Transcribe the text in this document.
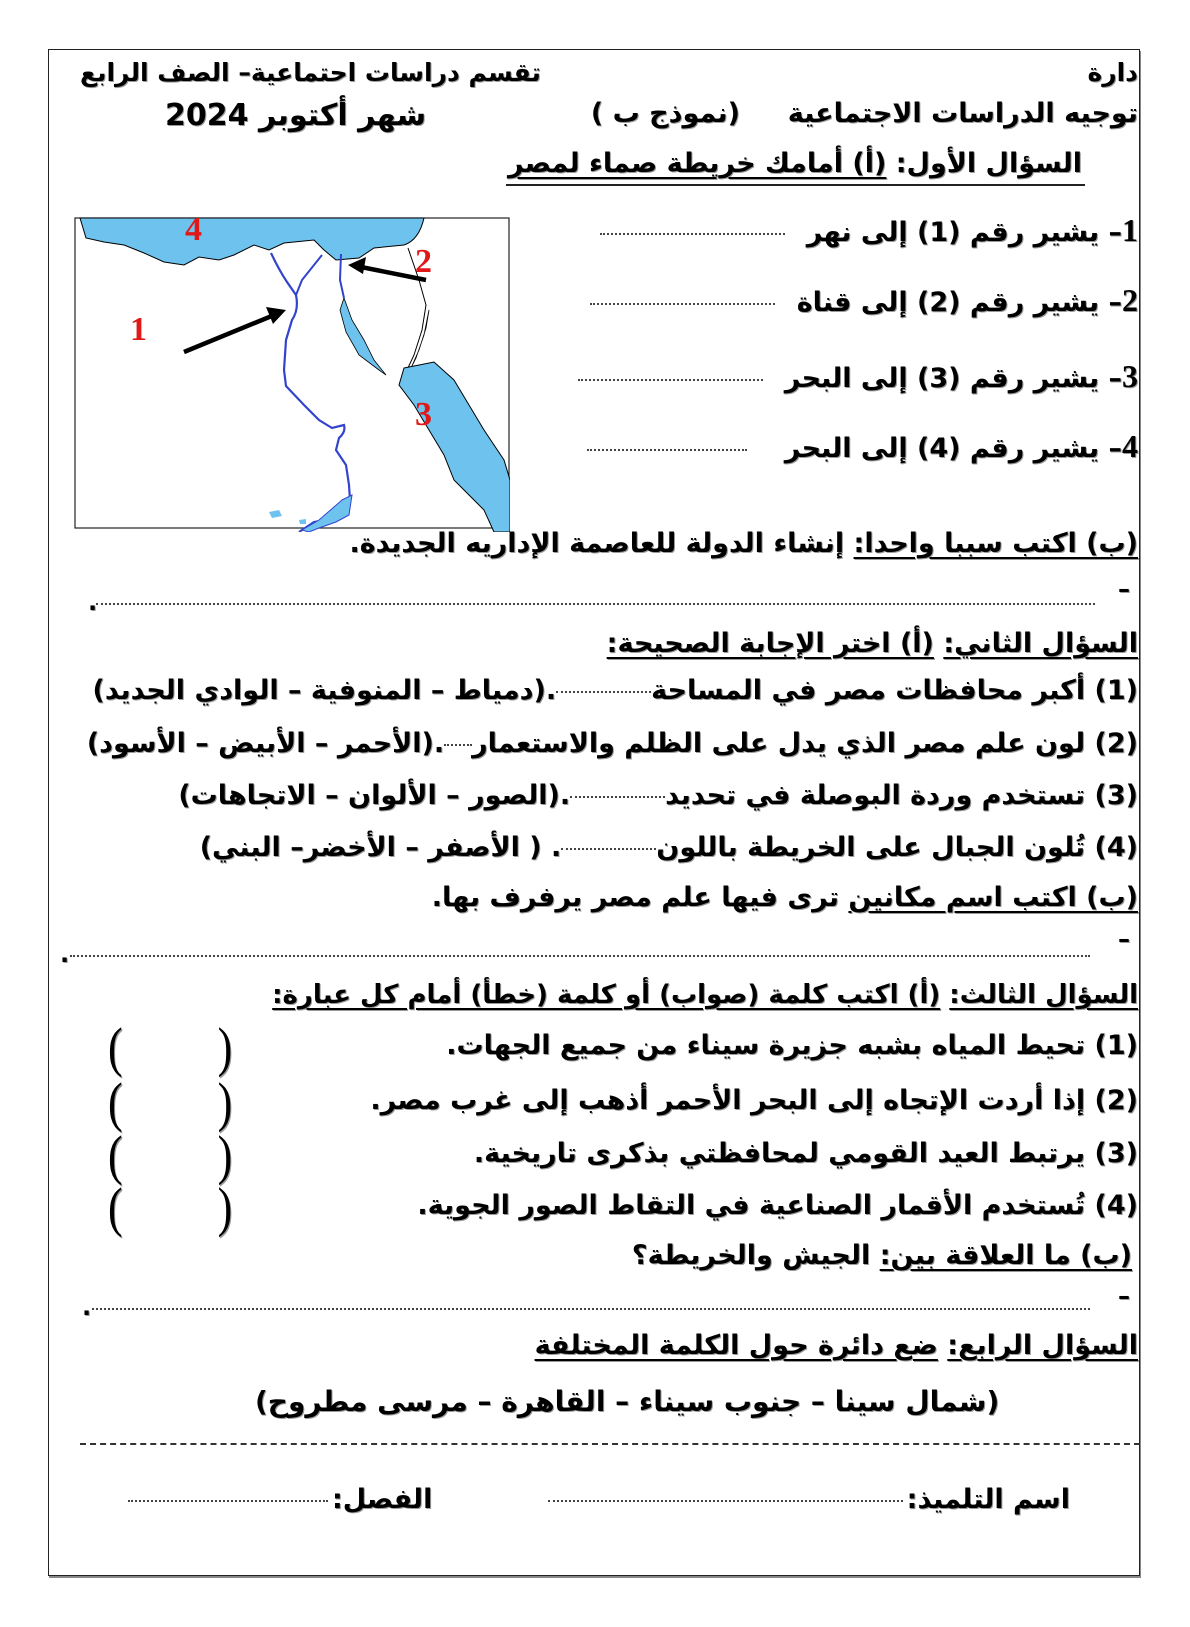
دارة
تقسم دراسات احتماعية– الصف الرابع
توجيه الدراسات الاجتماعية
(نموذج ب )
شهر أكتوبر 2024
السؤال الأول: (أ) أمامك خريطة صماء لمصر
1
2
3
4	1– يشير رقم (1) إلى نهر
2– يشير رقم (2) إلى قناة
3– يشير رقم (3) إلى البحر
4– يشير رقم (4) إلى البحر
(ب) اكتب سببا واحدا: إنشاء الدولة للعاصمة الإداريه الجديدة.
–
.
السؤال الثاني: (أ) اختر الإجابة الصحيحة:
(1) أكبر محافظات مصر في المساحة.(دمياط – المنوفية – الوادي الجديد)
(2) لون علم مصر الذي يدل على الظلم والاستعمار.(الأحمر – الأبيض – الأسود)
(3) تستخدم وردة البوصلة في تحديد.(الصور – الألوان – الاتجاهات)
(4) تُلون الجبال على الخريطة باللون. ( الأصفر – الأخضر– البني)
(ب) اكتب اسم مكانين ترى فيها علم مصر يرفرف بها.
–
.
السؤال الثالث: (أ) اكتب كلمة (صواب) أو كلمة (خطأ) أمام كل عبارة:
(1) تحيط المياه بشبه جزيرة سيناء من جميع الجهات.
( )
(2) إذا أردت الإتجاه إلى البحر الأحمر أذهب إلى غرب مصر.
( )
(3) يرتبط العيد القومي لمحافظتي بذكرى تاريخية.
( )
(4) تُستخدم الأقمار الصناعية في التقاط الصور الجوية.
( )
(ب) ما العلاقة بين: الجيش والخريطة؟
–
.
السؤال الرابع: ضع دائرة حول الكلمة المختلفة
(شمال سينا – جنوب سيناء – القاهرة – مرسى مطروح)
اسم التلميذ:
الفصل:
